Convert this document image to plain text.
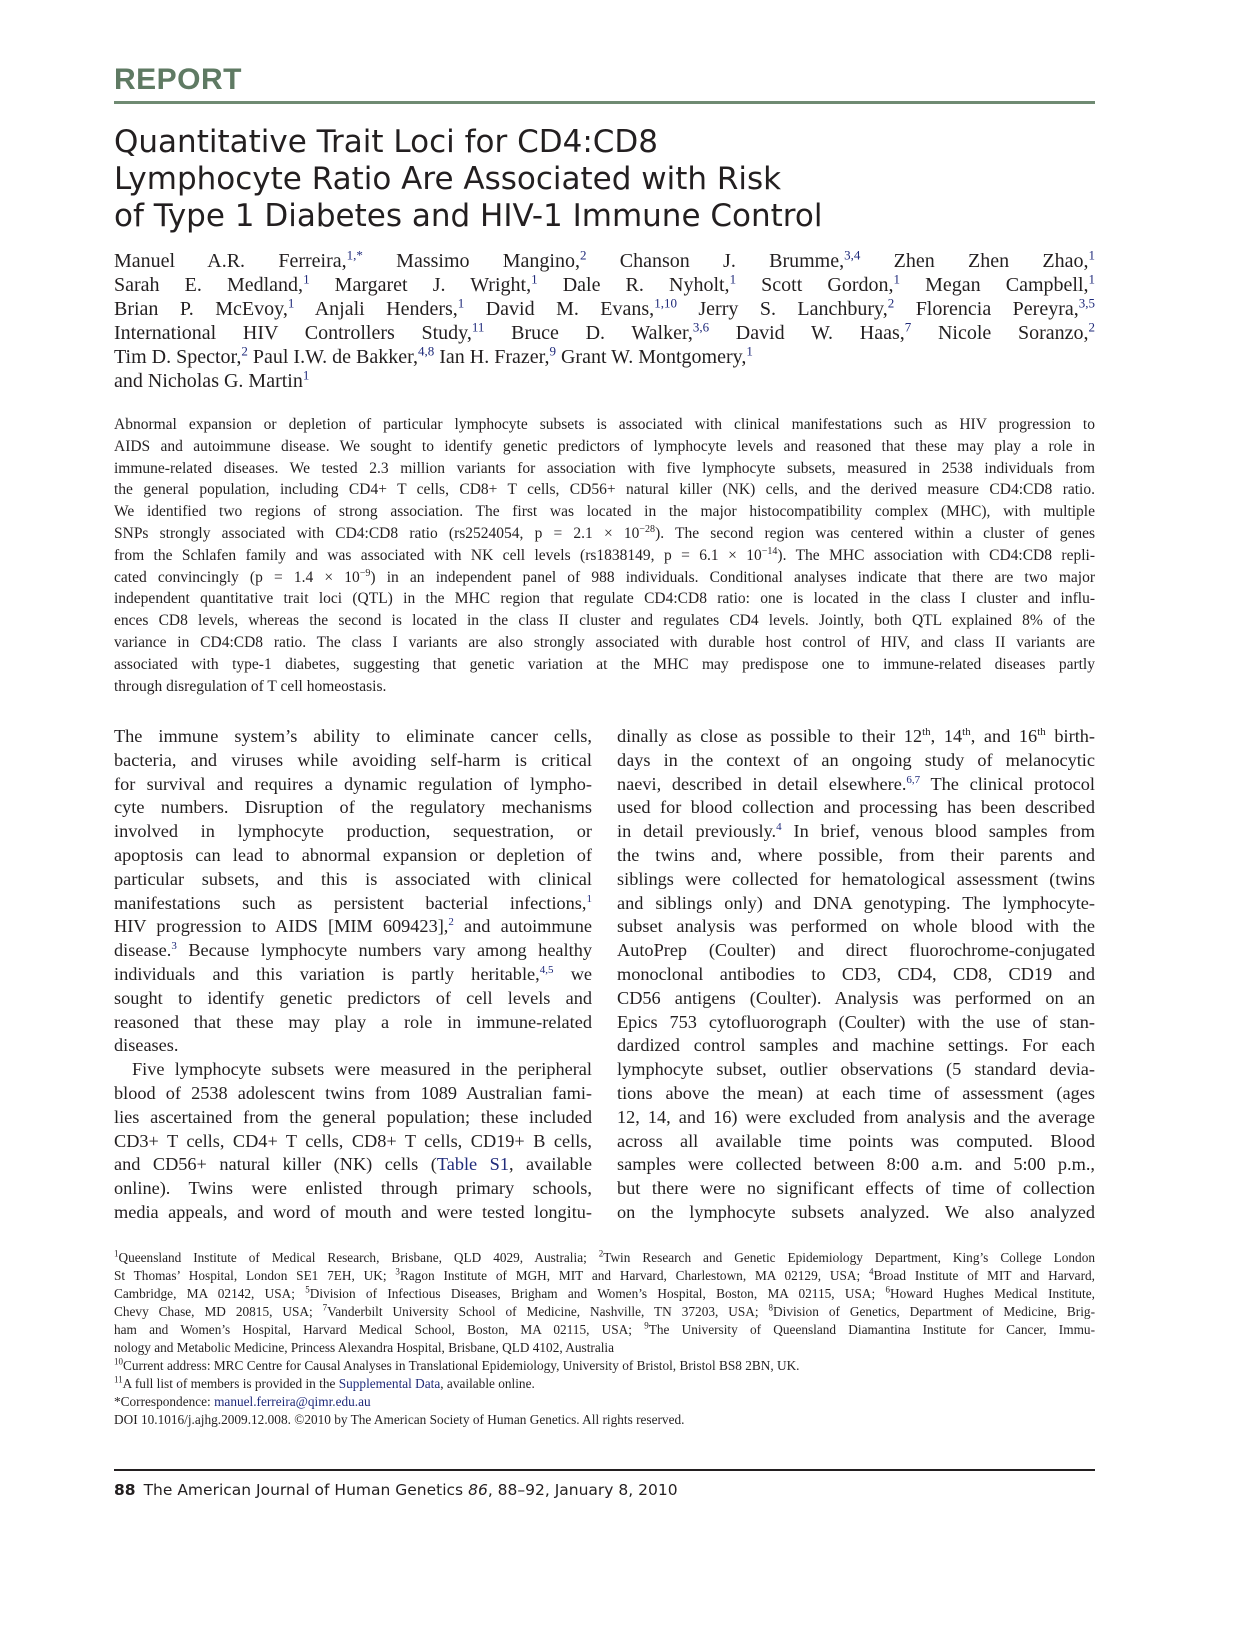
REPORT
Quantitative Trait Loci for CD4:CD8
Lymphocyte Ratio Are Associated with Risk
of Type 1 Diabetes and HIV-1 Immune Control
Manuel A.R. Ferreira,$^{1,*}$ Massimo Mangino,$^2$ Chanson J. Brumme,$^{3,4}$ Zhen Zhen Zhao,$^1$
Sarah E. Medland,$^1$ Margaret J. Wright,$^1$ Dale R. Nyholt,$^1$ Scott Gordon,$^1$ Megan Campbell,$^1$
Brian P. McEvoy,$^1$ Anjali Henders,$^1$ David M. Evans,$^{1,10}$ Jerry S. Lanchbury,$^2$ Florencia Pereyra,$^{3,5}$
International HIV Controllers Study,$^{11}$ Bruce D. Walker,$^{3,6}$ David W. Haas,$^7$ Nicole Soranzo,$^2$
Tim D. Spector,$^2$ Paul I.W. de Bakker,$^{4,8}$ Ian H. Frazer,$^9$ Grant W. Montgomery,$^1$
and Nicholas G. Martin$^1$
Abnormal expansion or depletion of particular lymphocyte subsets is associated with clinical manifestations such as HIV progression to
AIDS and autoimmune disease. We sought to identify genetic predictors of lymphocyte levels and reasoned that these may play a role in
immune-related diseases. We tested 2.3 million variants for association with five lymphocyte subsets, measured in 2538 individuals from
the general population, including CD4+ T cells, CD8+ T cells, CD56+ natural killer (NK) cells, and the derived measure CD4:CD8 ratio.
We identified two regions of strong association. The first was located in the major histocompatibility complex (MHC), with multiple
SNPs strongly associated with CD4:CD8 ratio (rs2524054, $p = 2.1 \times 10^{-28}$). The second region was centered within a cluster of genes
from the Schlafen family and was associated with NK cell levels (rs1838149, $p = 6.1 \times 10^{-14}$). The MHC association with CD4:CD8 repli-
cated convincingly $(p = 1.4 \times 10^{-9})$ in an independent panel of 988 individuals. Conditional analyses indicate that there are two major
independent quantitative trait loci (QTL) in the MHC region that regulate CD4:CD8 ratio: one is located in the class I cluster and influ-
ences CD8 levels, whereas the second is located in the class II cluster and regulates CD4 levels. Jointly, both QTL explained 8% of the
variance in CD4:CD8 ratio. The class I variants are also strongly associated with durable host control of HIV, and class II variants are
associated with type-1 diabetes, suggesting that genetic variation at the MHC may predispose one to immune-related diseases partly
through disregulation of T cell homeostasis.
The immune system’s ability to eliminate cancer cells,
bacteria, and viruses while avoiding self-harm is critical
for survival and requires a dynamic regulation of lympho-
cyte numbers. Disruption of the regulatory mechanisms
involved in lymphocyte production, sequestration, or
apoptosis can lead to abnormal expansion or depletion of
particular subsets, and this is associated with clinical
manifestations such as persistent bacterial infections,$^1$
HIV progression to AIDS [MIM 609423],$^2$ and autoimmune
disease.$^3$ Because lymphocyte numbers vary among healthy
individuals and this variation is partly heritable,$^{4,5}$ we
sought to identify genetic predictors of cell levels and
reasoned that these may play a role in immune-related
diseases.
Five lymphocyte subsets were measured in the peripheral
blood of 2538 adolescent twins from 1089 Australian fami-
lies ascertained from the general population; these included
CD3+ T cells, CD4+ T cells, CD8+ T cells, CD19+ B cells,
and CD56+ natural killer (NK) cells (Table S1, available
online). Twins were enlisted through primary schools,
media appeals, and word of mouth and were tested longitu-
dinally as close as possible to their 12th, 14th, and 16th birth-
days in the context of an ongoing study of melanocytic
naevi, described in detail elsewhere.$^{6,7}$ The clinical protocol
used for blood collection and processing has been described
in detail previously.$^4$ In brief, venous blood samples from
the twins and, where possible, from their parents and
siblings were collected for hematological assessment (twins
and siblings only) and DNA genotyping. The lymphocyte-
subset analysis was performed on whole blood with the
AutoPrep (Coulter) and direct fluorochrome-conjugated
monoclonal antibodies to CD3, CD4, CD8, CD19 and
CD56 antigens (Coulter). Analysis was performed on an
Epics 753 cytofluorograph (Coulter) with the use of stan-
dardized control samples and machine settings. For each
lymphocyte subset, outlier observations (5 standard devia-
tions above the mean) at each time of assessment (ages
12, 14, and 16) were excluded from analysis and the average
across all available time points was computed. Blood
samples were collected between 8:00 a.m. and 5:00 p.m.,
but there were no significant effects of time of collection
on the lymphocyte subsets analyzed. We also analyzed
$^1$Queensland Institute of Medical Research, Brisbane, QLD 4029, Australia; $^2$Twin Research and Genetic Epidemiology Department, King’s College London
St Thomas’ Hospital, London SE1 7EH, UK; $^3$Ragon Institute of MGH, MIT and Harvard, Charlestown, MA 02129, USA; $^4$Broad Institute of MIT and Harvard,
Cambridge, MA 02142, USA; $^5$Division of Infectious Diseases, Brigham and Women’s Hospital, Boston, MA 02115, USA; $^6$Howard Hughes Medical Institute,
Chevy Chase, MD 20815, USA; $^7$Vanderbilt University School of Medicine, Nashville, TN 37203, USA; $^8$Division of Genetics, Department of Medicine, Brig-
ham and Women’s Hospital, Harvard Medical School, Boston, MA 02115, USA; $^9$The University of Queensland Diamantina Institute for Cancer, Immu-
nology and Metabolic Medicine, Princess Alexandra Hospital, Brisbane, QLD 4102, Australia
$^{10}$Current address: MRC Centre for Causal Analyses in Translational Epidemiology, University of Bristol, Bristol BS8 2BN, UK.
$^{11}$A full list of members is provided in the Supplemental Data, available online.
*Correspondence: manuel.ferreira@qimr.edu.au
DOI 10.1016/j.ajhg.2009.12.008. ©2010 by The American Society of Human Genetics. All rights reserved.
88 The American Journal of Human Genetics 86, 88–92, January 8, 2010
